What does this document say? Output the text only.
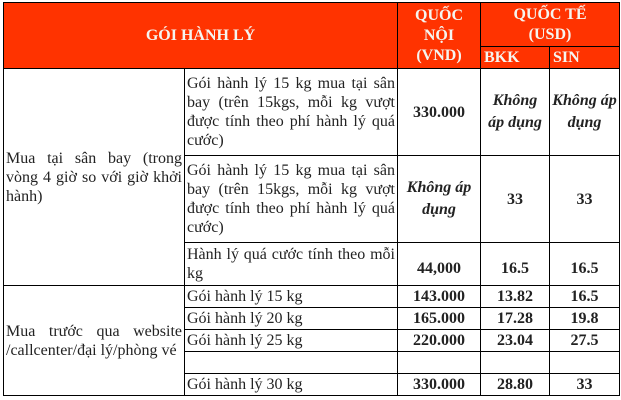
GÓI HÀNH LÝ		QUỐC NỘI (VND)	QUỐC TẾ (USD)	
			BKK	SIN
Mua tại sân bay (trong vòng 4 giờ so với giờ khởi hành)	Gói hành lý 15 kg mua tại sân bay (trên 15kgs, mỗi kg vượt được tính theo phí hành lý quá cước)	330.000	Không áp dụng	Không áp dụng
	Gói hành lý 15 kg mua tại sân bay (trên 15kgs, mỗi kg vượt được tính theo phí hành lý quá cước)	Không áp dụng	33	33
	Hành lý quá cước tính theo mỗi kg	44,000	16.5	16.5
Mua trước qua website /callcenter/đại lý/phòng vé	Gói hành lý 15 kg	143.000	13.82	16.5
	Gói hành lý 20 kg	165.000	17.28	19.8
	Gói hành lý 25 kg	220.000	23.04	27.5

	Gói hành lý 30 kg	330.000	28.80	33
